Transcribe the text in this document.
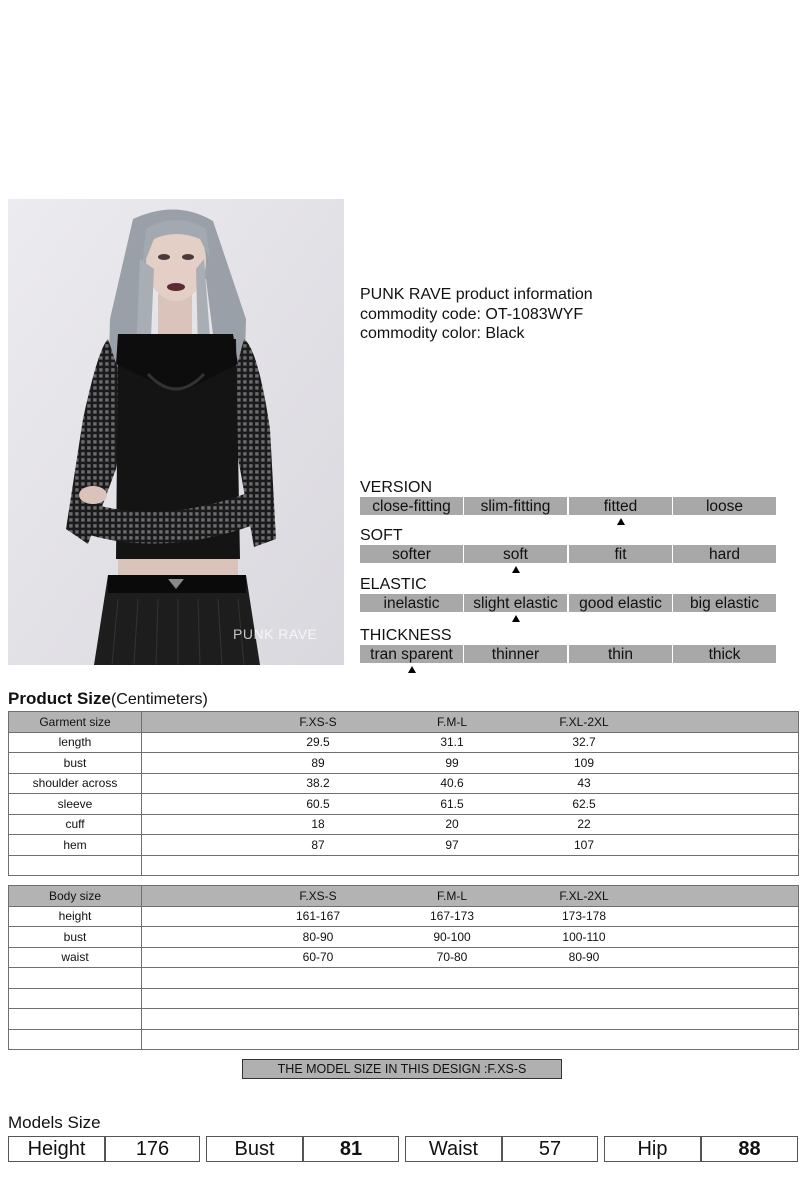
PUNK RAVE
PUNK RAVE product information
commodity code: OT-1083WYF
commodity color: Black
VERSION
close-fitting	slim-fitting	fitted	loose
SOFT
softer	soft	fit	hard
ELASTIC
inelastic	slight elastic	good elastic	big elastic
THICKNESS
tran sparent	thinner	thin	thick
Product Size(Centimeters)
Garment size	F.XS-S F.M-L F.XL-2XL
length	29.5 31.1 32.7
bust	89 99 109
shoulder across	38.2 40.6 43
sleeve	60.5 61.5 62.5
cuff	18 20 22
hem	87 97 107

Body size	F.XS-S F.M-L F.XL-2XL
height	161-167 167-173 173-178
bust	80-90 90-100 100-110
waist	60-70 70-80 80-90

THE MODEL SIZE IN THIS DESIGN :F.XS-S
Models Size
Height	176	Bust	81	Waist	57	Hip	88
